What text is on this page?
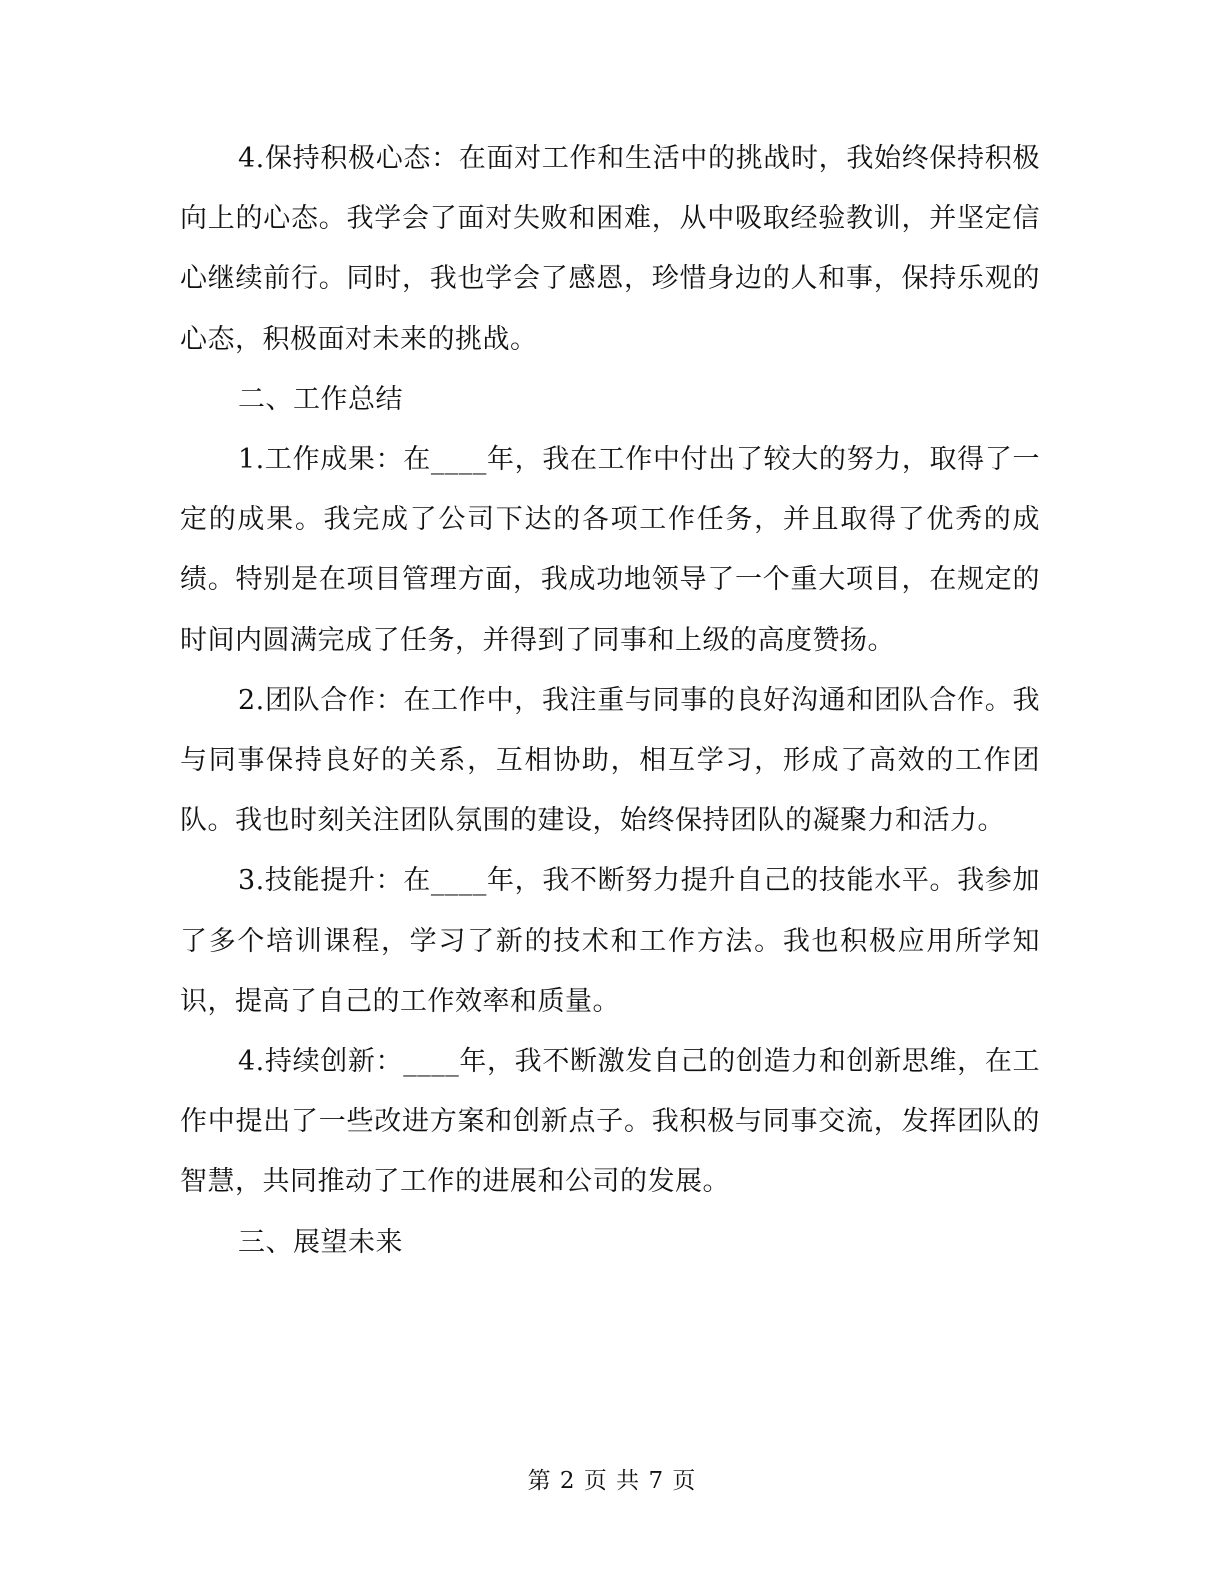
4.保持积极心态：在面对工作和生活中的挑战时，我始终保持积极向上的心态。我学会了面对失败和困难，从中吸取经验教训，并坚定信心继续前行。同时，我也学会了感恩，珍惜身边的人和事，保持乐观的心态，积极面对未来的挑战。

二、工作总结

1.工作成果：在____年，我在工作中付出了较大的努力，取得了一定的成果。我完成了公司下达的各项工作任务，并且取得了优秀的成绩。特别是在项目管理方面，我成功地领导了一个重大项目，在规定的时间内圆满完成了任务，并得到了同事和上级的高度赞扬。

2.团队合作：在工作中，我注重与同事的良好沟通和团队合作。我与同事保持良好的关系，互相协助，相互学习，形成了高效的工作团队。我也时刻关注团队氛围的建设，始终保持团队的凝聚力和活力。

3.技能提升：在____年，我不断努力提升自己的技能水平。我参加了多个培训课程，学习了新的技术和工作方法。我也积极应用所学知识，提高了自己的工作效率和质量。

4.持续创新：____年，我不断激发自己的创造力和创新思维，在工作中提出了一些改进方案和创新点子。我积极与同事交流，发挥团队的智慧，共同推动了工作的进展和公司的发展。

三、展望未来

第 2 页 共 7 页
